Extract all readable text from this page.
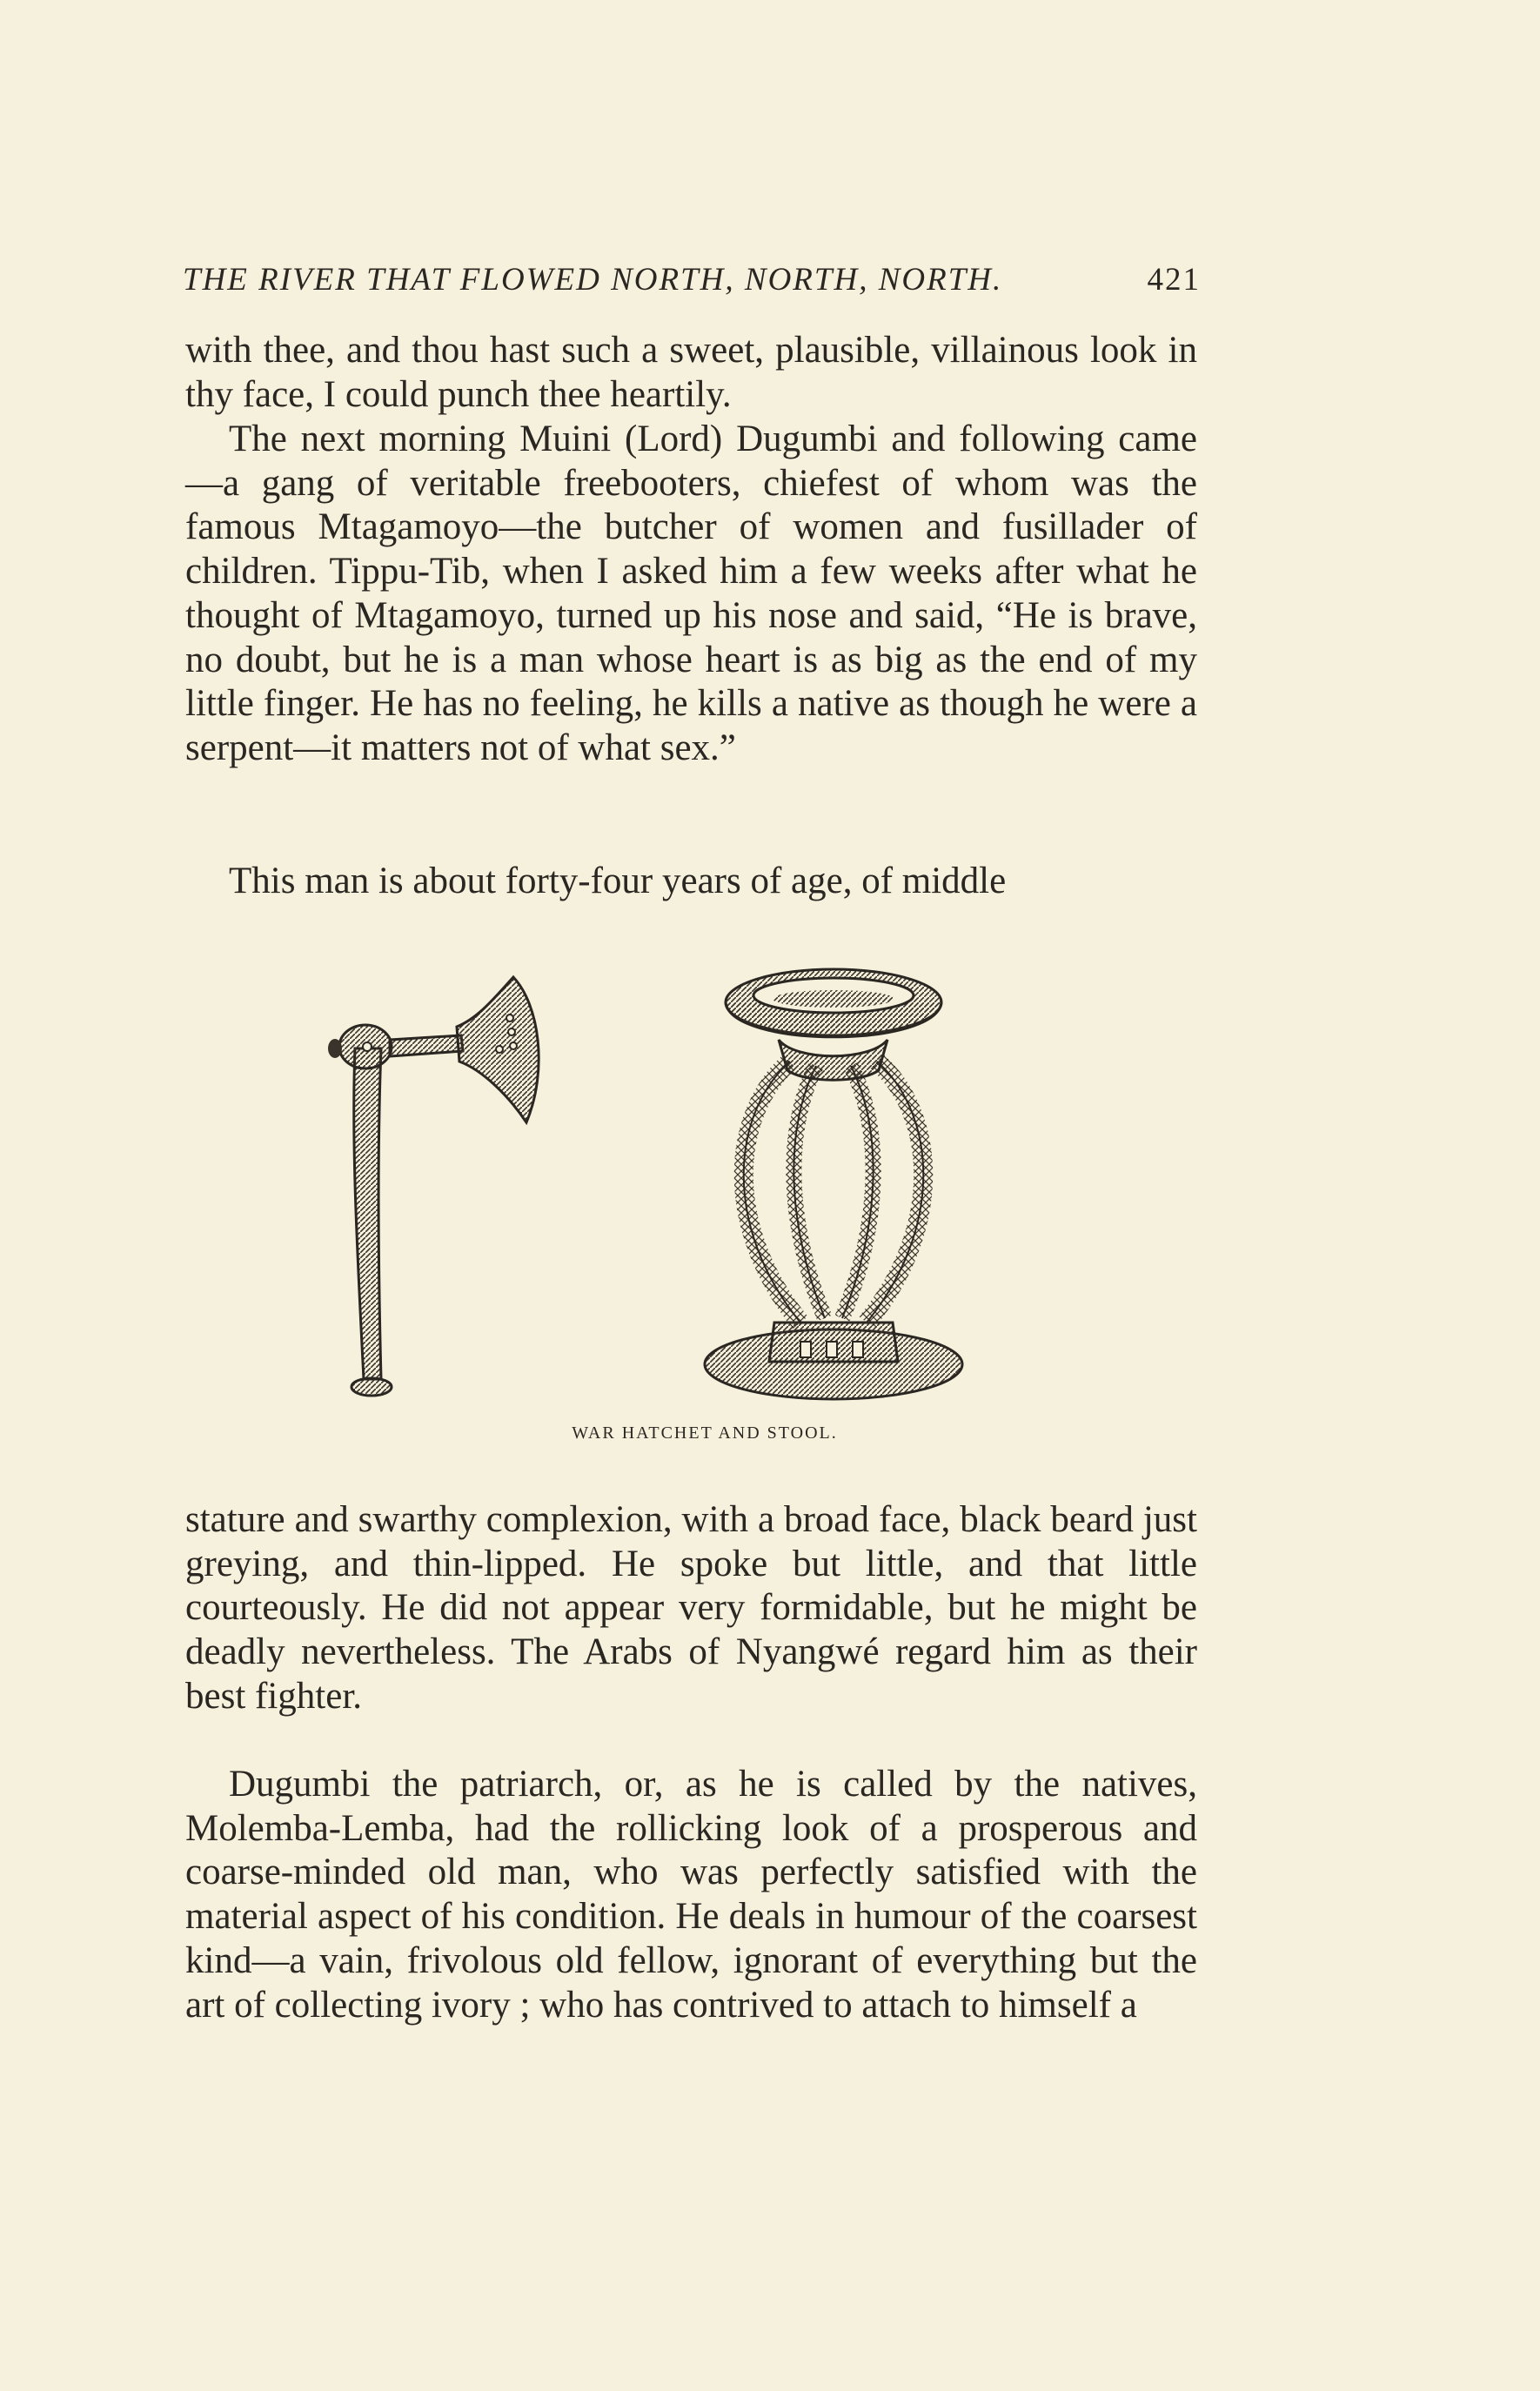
THE RIVER THAT FLOWED NORTH, NORTH, NORTH.	421

with thee, and thou hast such a sweet, plausible, villainous look in thy face, I could punch thee heartily.

The next morning Muini (Lord) Dugumbi and following came—a gang of veritable freebooters, chiefest of whom was the famous Mtagamoyo—the butcher of women and fusillader of children. Tippu-Tib, when I asked him a few weeks after what he thought of Mtagamoyo, turned up his nose and said, “He is brave, no doubt, but he is a man whose heart is as big as the end of my little finger. He has no feeling, he kills a native as though he were a serpent—it matters not of what sex.”

This man is about forty-four years of age, of middle

WAR HATCHET AND STOOL.

stature and swarthy complexion, with a broad face, black beard just greying, and thin-lipped. He spoke but little, and that little courteously. He did not appear very formidable, but he might be deadly nevertheless. The Arabs of Nyangwé regard him as their best fighter.

Dugumbi the patriarch, or, as he is called by the natives, Molemba-Lemba, had the rollicking look of a prosperous and coarse-minded old man, who was perfectly satisfied with the material aspect of his condition. He deals in humour of the coarsest kind—a vain, frivolous old fellow, ignorant of everything but the art of collecting ivory ; who has contrived to attach to himself a
